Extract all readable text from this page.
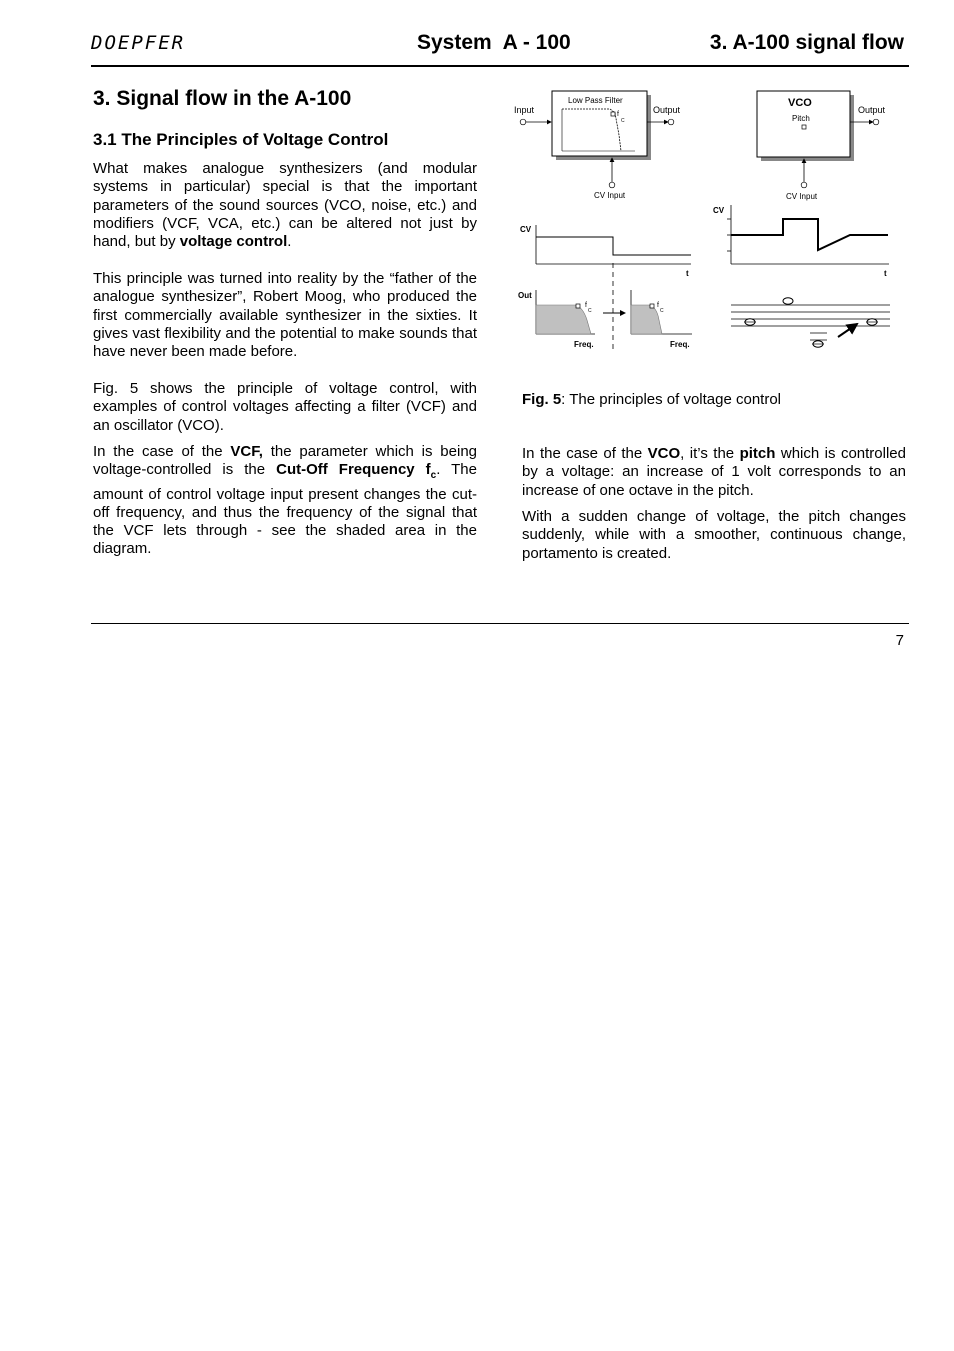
DOEPFER	System  A - 100	3. A-100 signal flow
3. Signal flow in the A-100
3.1 The Principles of Voltage Control
What makes analogue synthesizers (and modular systems in particular) special is that the important parameters of the sound sources (VCO, noise, etc.) and modifiers (VCF, VCA, etc.) can be altered not just by hand, but by voltage control.
This principle was turned into reality by the “father of the analogue synthesizer”, Robert Moog, who produced the first commercially available synthesizer in the sixties. It gives vast flexibility and the potential to make sounds that have never been made before.
Fig. 5 shows the principle of voltage control, with examples of control voltages affecting a filter (VCF) and an oscillator (VCO).
In the case of the VCF, the parameter which is being voltage-controlled is the Cut-Off Frequency $f_c$. The amount of control voltage input present changes the cut-off frequency, and thus the frequency of the signal that the VCF lets through - see the shaded area in the diagram.
Low Pass Filter
f
C
Input	Output
CV Input
CV
t
Out
f
C
Freq.
f
C
Freq.
VCO
Pitch
Output
CV Input
CV
t
Fig. 5: The principles of voltage control
In the case of the VCO, it’s the pitch which is controlled by a voltage: an increase of 1 volt corresponds to an increase of one octave in the pitch.
With a sudden change of voltage, the pitch changes suddenly, while with a smoother, continuous change, portamento is created.
7
